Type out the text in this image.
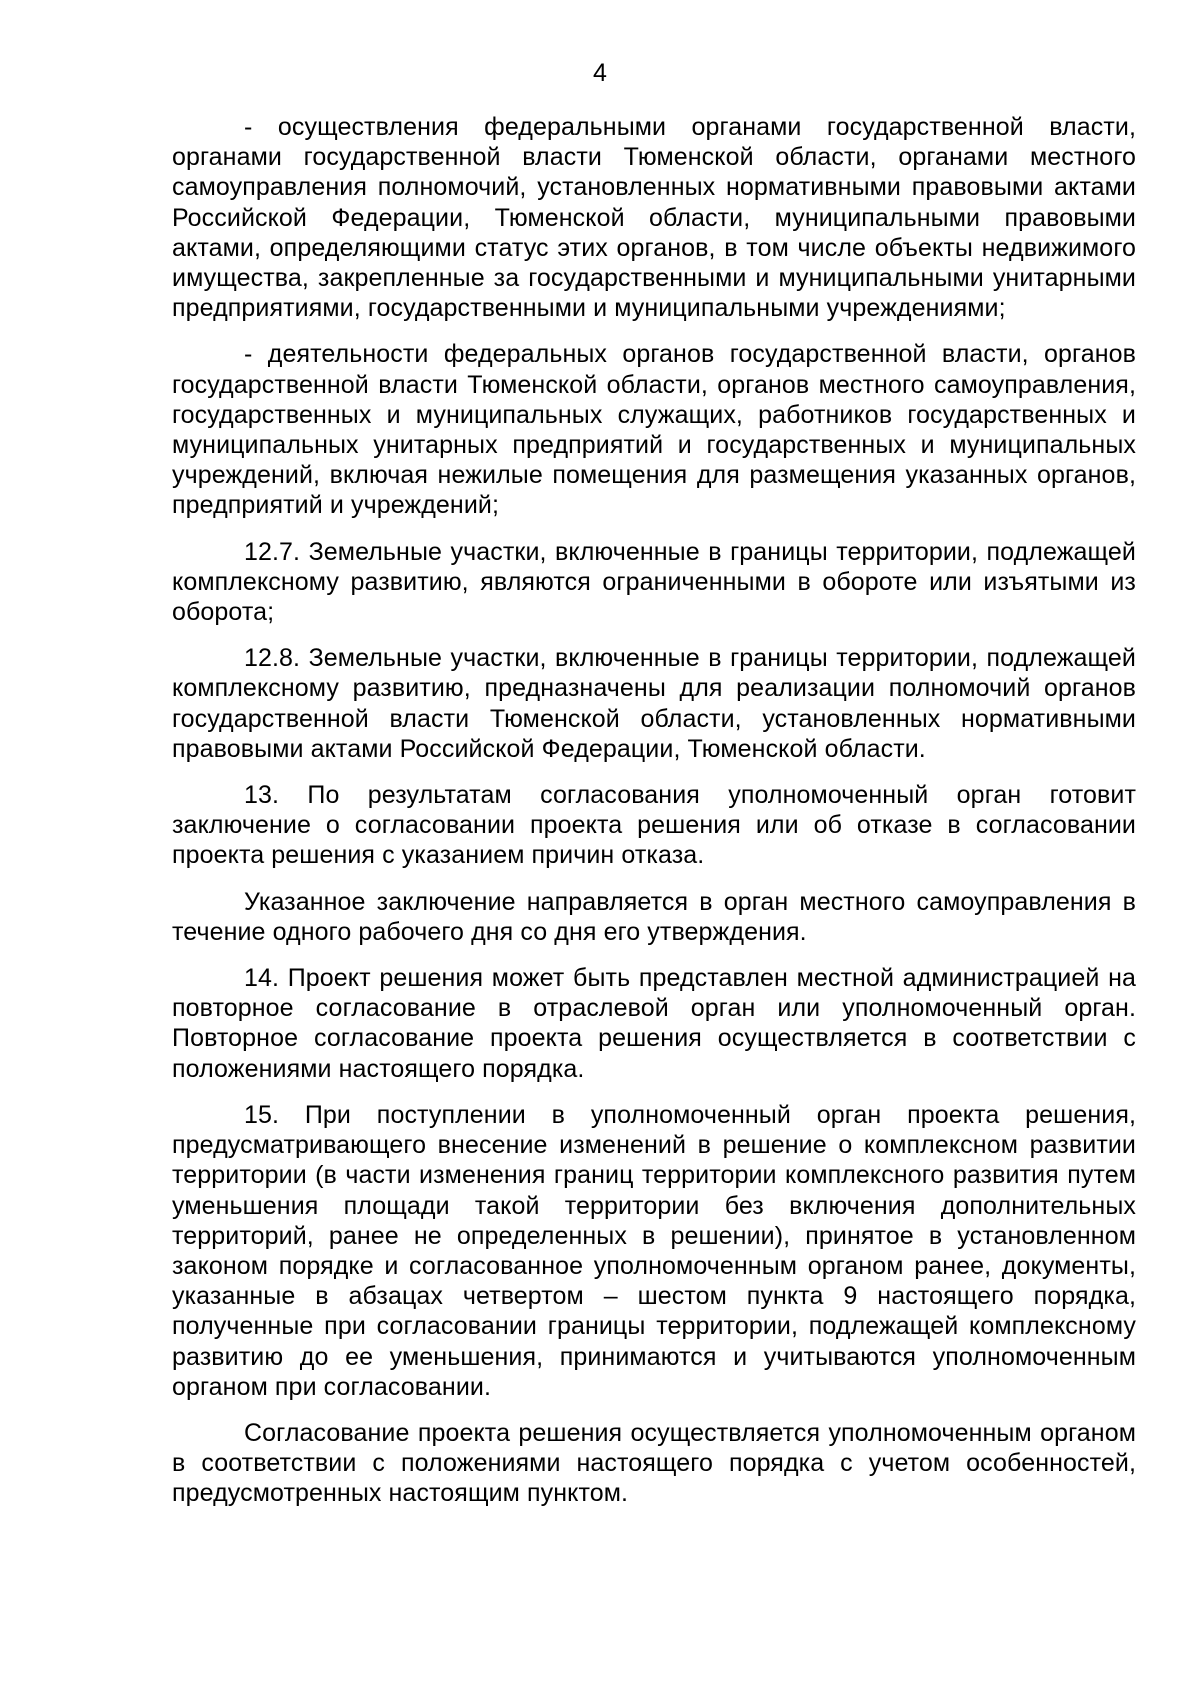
4

- осуществления федеральными органами государственной власти, органами государственной власти Тюменской области, органами местного самоуправления полномочий, установленных нормативными правовыми актами Российской Федерации, Тюменской области, муниципальными правовыми актами, определяющими статус этих органов, в том числе объекты недвижимого имущества, закрепленные за государственными и муниципальными унитарными предприятиями, государственными и муниципальными учреждениями;

- деятельности федеральных органов государственной власти, органов государственной власти Тюменской области, органов местного самоуправления, государственных и муниципальных служащих, работников государственных и муниципальных унитарных предприятий и государственных и муниципальных учреждений, включая нежилые помещения для размещения указанных органов, предприятий и учреждений;

12.7. Земельные участки, включенные в границы территории, подлежащей комплексному развитию, являются ограниченными в обороте или изъятыми из оборота;

12.8. Земельные участки, включенные в границы территории, подлежащей комплексному развитию, предназначены для реализации полномочий органов государственной власти Тюменской области, установленных нормативными правовыми актами Российской Федерации, Тюменской области.

13. По результатам согласования уполномоченный орган готовит заключение о согласовании проекта решения или об отказе в согласовании проекта решения с указанием причин отказа.

Указанное заключение направляется в орган местного самоуправления в течение одного рабочего дня со дня его утверждения.

14. Проект решения может быть представлен местной администрацией на повторное согласование в отраслевой орган или уполномоченный орган. Повторное согласование проекта решения осуществляется в соответствии с положениями настоящего порядка.

15. При поступлении в уполномоченный орган проекта решения, предусматривающего внесение изменений в решение о комплексном развитии территории (в части изменения границ территории комплексного развития путем уменьшения площади такой территории без включения дополнительных территорий, ранее не определенных в решении), принятое в установленном законом порядке и согласованное уполномоченным органом ранее, документы, указанные в абзацах четвертом – шестом пункта 9 настоящего порядка, полученные при согласовании границы территории, подлежащей комплексному развитию до ее уменьшения, принимаются и учитываются уполномоченным органом при согласовании.

Согласование проекта решения осуществляется уполномоченным органом в соответствии с положениями настоящего порядка с учетом особенностей, предусмотренных настоящим пунктом.
